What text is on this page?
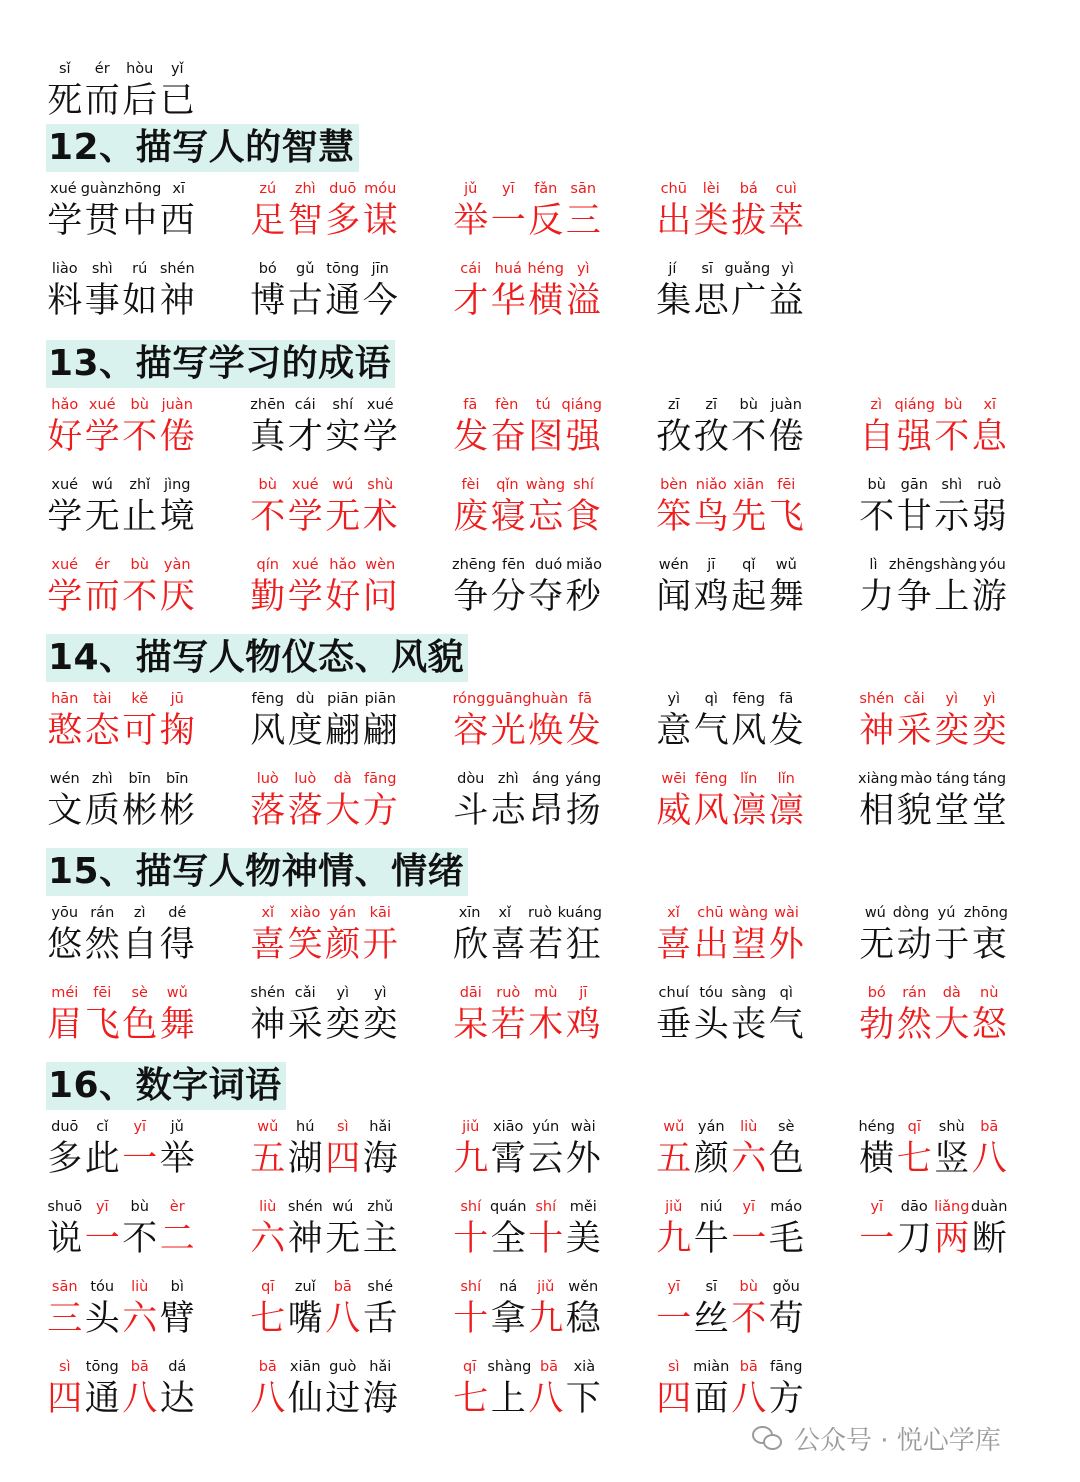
sǐ	ér	hòu	yǐ
死 而 后 已
12、描写人的智慧
xué guàn zhōng xī
学 贯 中 西
zú	zhì duō móu
足 智 多 谋
jǔ	yī	fǎn sān
举 一 反 三
chū	lèi	bá	cuì
出 类 拔 萃
liào shì	rú shén
料 事 如 神
bó	gǔ tōng jīn
博 古 通 今
cái huá héng yì
才 华 横 溢
jí	sī guǎng yì
集 思 广 益
13、描写学习的成语
hǎo xué	bù juàn
好 学 不 倦
zhēn cái	shí xué
真 才 实 学
fā	fèn	tú qiáng
发 奋 图 强
zī	zī	bù juàn
孜 孜 不 倦
zì qiáng bù	xī
自 强 不 息
xué wú	zhǐ jìng
学 无 止 境
bù	xué wú shù
不 学 无 术
fèi	qǐn wàng shí
废 寝 忘 食
bèn niǎo xiān fēi
笨 鸟 先 飞
bù	gān shì	ruò
不 甘 示 弱
xué	ér	bù	yàn
学 而 不 厌
qín xué hǎo wèn
勤 学 好 问
zhēng fēn duó miǎo
争 分 夺 秒
wén	jī	qǐ	wǔ
闻 鸡 起 舞
lì zhēng shàng yóu
力 争 上 游
14、描写人物仪态、风貌
hān	tài	kě	jū
憨 态 可 掬
fēng dù piān piān
风 度 翩 翩
róng guāng huàn fā
容 光 焕 发
yì	qì	fēng fā
意 气 风 发
shén cǎi	yì	yì
神 采 奕 奕
wén zhì	bīn	bīn
文 质 彬 彬
luò	luò	dà fāng
落 落 大 方
dòu zhì áng yáng
斗 志 昂 扬
wēi fēng lǐn	lǐn
威 风 凛 凛
xiàng mào táng táng
相 貌 堂 堂
15、描写人物神情、情绪
yōu rán	zì	dé
悠 然 自 得
xǐ	xiào yán kāi
喜 笑 颜 开
xīn	xǐ	ruò kuáng
欣 喜 若 狂
xǐ	chū wàng wài
喜 出 望 外
wú dòng yú zhōng
无 动 于 衷
méi	fēi	sè	wǔ
眉 飞 色 舞
shén cǎi	yì	yì
神 采 奕 奕
dāi ruò mù	jī
呆 若 木 鸡
chuí tóu sàng qì
垂 头 丧 气
bó	rán	dà	nù
勃 然 大 怒
16、数字词语
duō	cǐ	yī	jǔ
多 此 一 举
wǔ	hú	sì	hǎi
五 湖 四 海
jiǔ xiāo yún wài
九 霄 云 外
wǔ yán	liù	sè
五 颜 六 色
héng qī	shù	bā
横 七 竖 八
shuō yī	bù	èr
说 一 不 二
liù shén wú zhǔ
六 神 无 主
shí quán shí měi
十 全 十 美
jiǔ	niú	yī	máo
九 牛 一 毛
yī	dāo liǎng duàn
一 刀 两 断
sān tóu	liù	bì
三 头 六 臂
qī	zuǐ	bā	shé
七 嘴 八 舌
shí	ná	jiǔ wěn
十 拿 九 稳
yī	sī	bù	gǒu
一 丝 不 苟
sì	tōng bā	dá
四 通 八 达
bā xiān guò hǎi
八 仙 过 海
qī shàng bā	xià
七 上 八 下
sì miàn bā fāng
四 面 八 方
公众号 · 悦心学库
